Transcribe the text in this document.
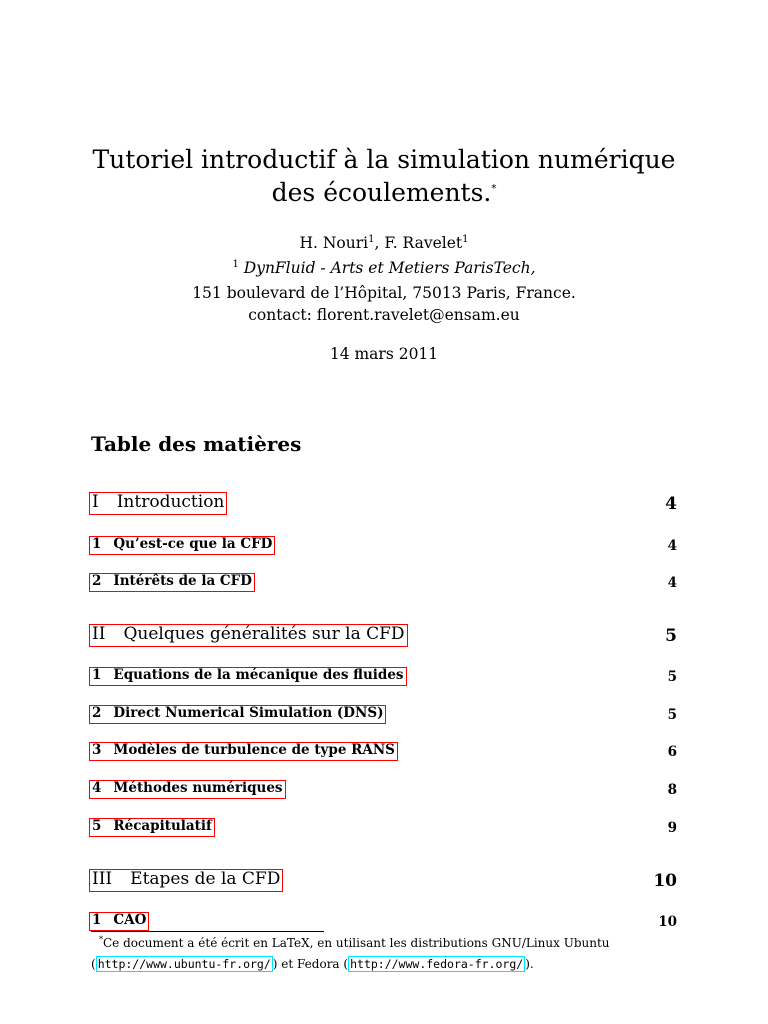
Tutoriel introductif à la simulation numérique des écoulements.*
H. Nouri$^1$, F. Ravelet$^1$
$^1$ DynFluid - Arts et Metiers ParisTech,
151 boulevard de l’Hôpital, 75013 Paris, France.
contact: florent.ravelet@ensam.eu
14 mars 2011
Table des matières
I Introduction	4
1 Qu’est-ce que la CFD	4
2 Intérêts de la CFD	4
II Quelques généralités sur la CFD	5
1 Equations de la mécanique des fluides	5
2 Direct Numerical Simulation (DNS)	5
3 Modèles de turbulence de type RANS	6
4 Méthodes numériques	8
5 Récapitulatif	9
III Etapes de la CFD	10
1 CAO	10
*Ce document a été écrit en LaTeX, en utilisant les distributions GNU/Linux Ubuntu ( http://www.ubuntu-fr.org/ ) et Fedora ( http://www.fedora-fr.org/ ).
